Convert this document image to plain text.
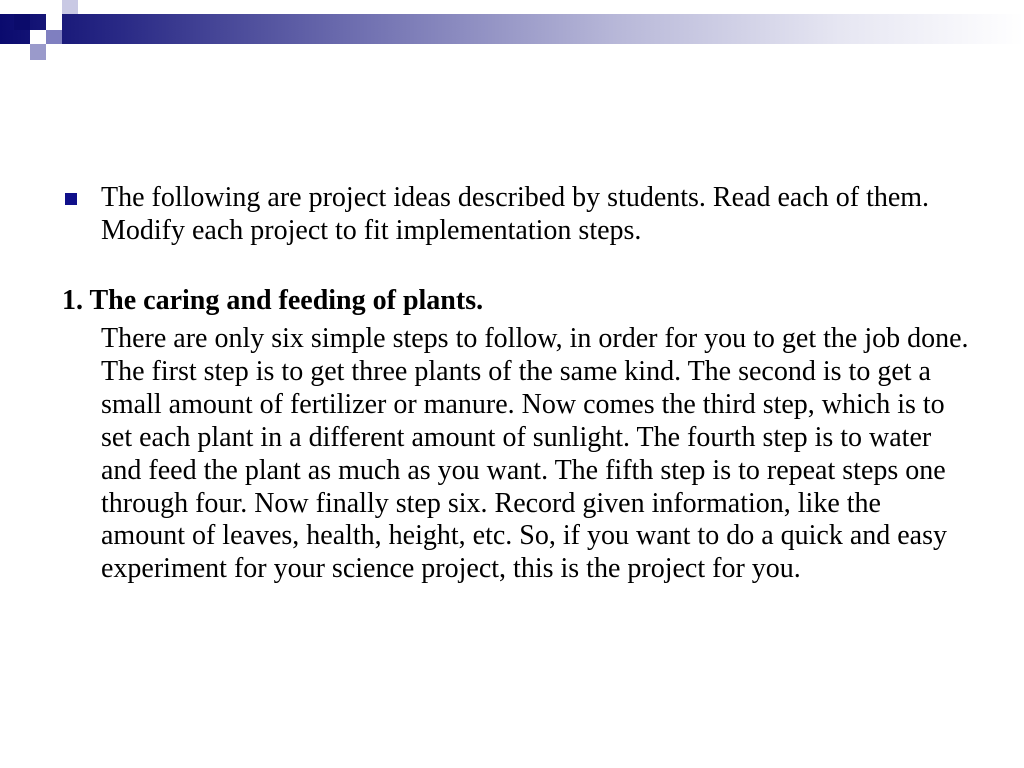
The following are project ideas described by students. Read each of them. Modify each project to fit implementation steps.
1. The caring and feeding of plants.
There are only six simple steps to follow, in order for you to get the job done. The first step is to get three plants of the same kind. The second is to get a small amount of fertilizer or manure. Now comes the third step, which is to set each plant in a different amount of sunlight. The fourth step is to water and feed the plant as much as you want. The fifth step is to repeat steps one through four. Now finally step six. Record given information, like the amount of leaves, health, height, etc. So, if you want to do a quick and easy experiment for your science project, this is the project for you.
